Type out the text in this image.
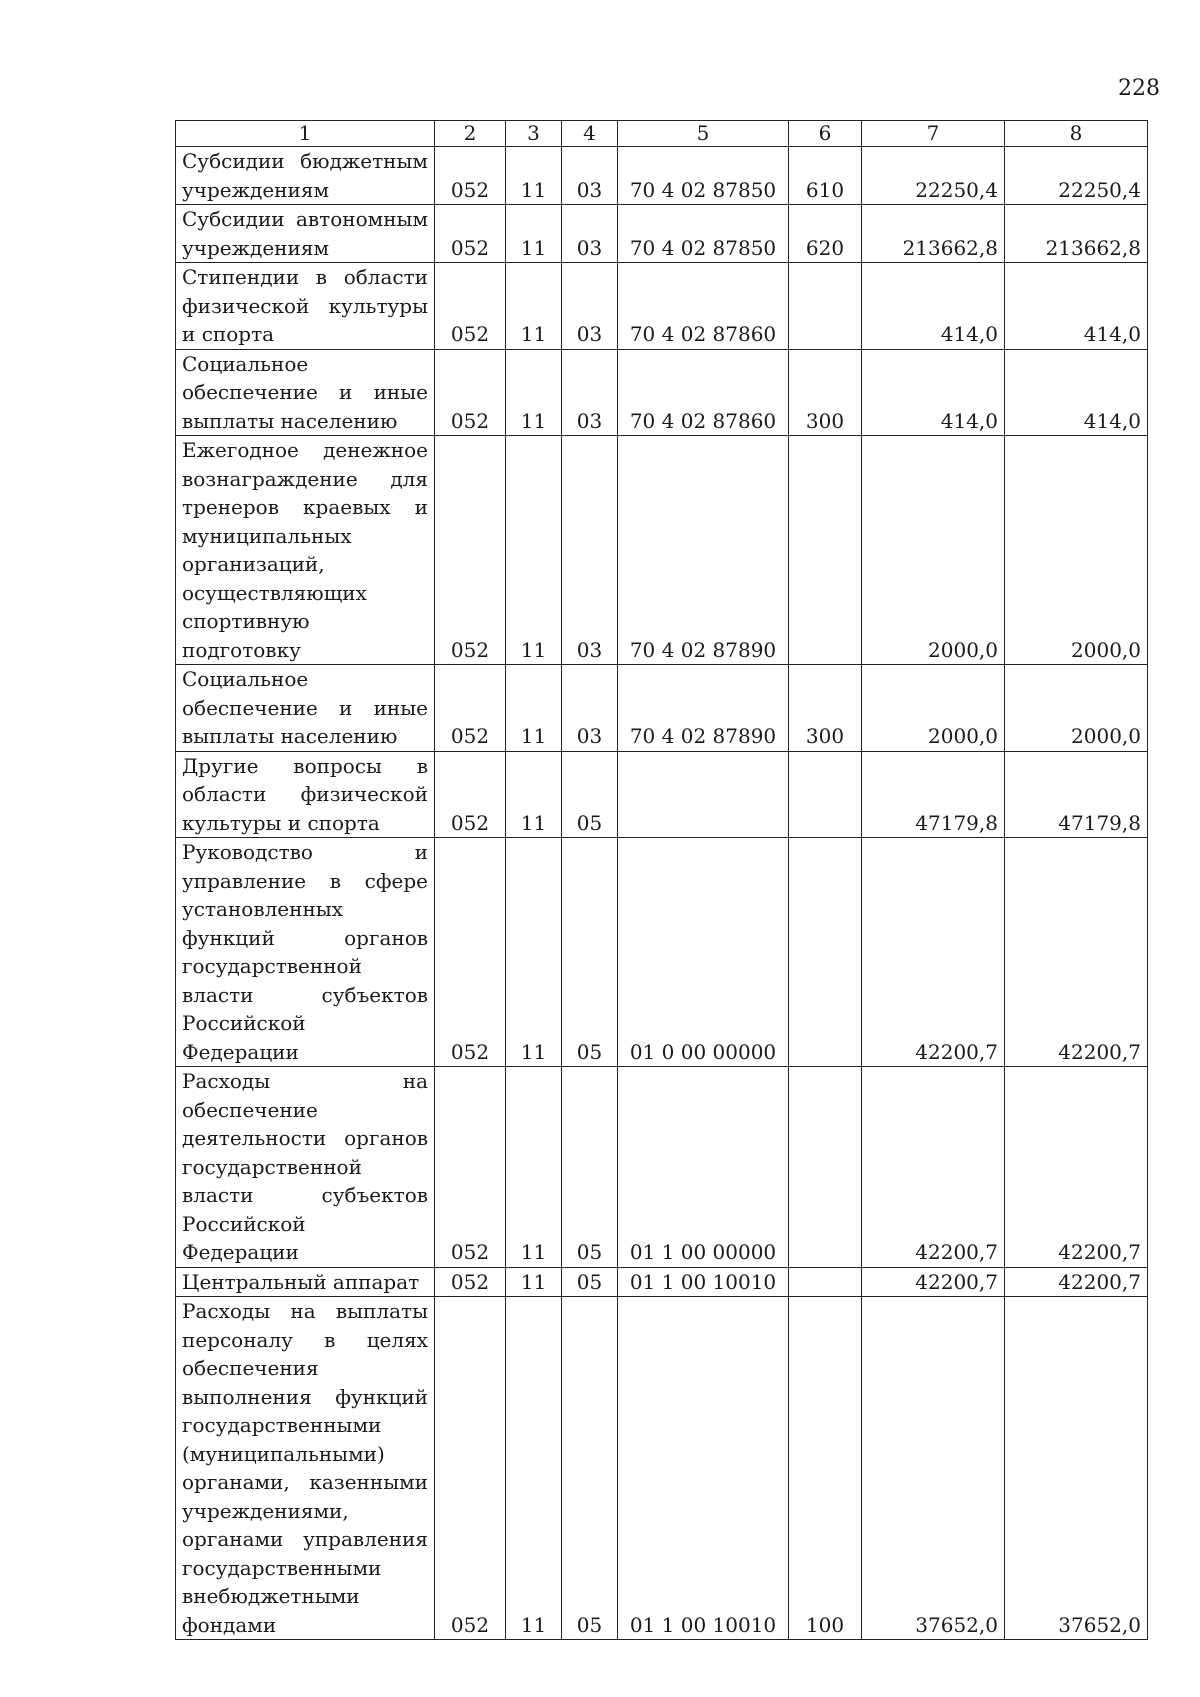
228
1	2	3	4	5	6	7	8
Субсидии бюджетным учреждениям	052	11	03	70 4 02 87850	610	22250,4	22250,4
Субсидии автономным учреждениям	052	11	03	70 4 02 87850	620	213662,8	213662,8
Стипендии в области физической культуры и спорта	052	11	03	70 4 02 87860		414,0	414,0
Социальное обеспечение и иные выплаты населению	052	11	03	70 4 02 87860	300	414,0	414,0
Ежегодное денежное вознаграждение для тренеров краевых и муниципальных организаций, осуществляющих спортивную подготовку	052	11	03	70 4 02 87890		2000,0	2000,0
Социальное обеспечение и иные выплаты населению	052	11	03	70 4 02 87890	300	2000,0	2000,0
Другие вопросы в области физической культуры и спорта	052	11	05			47179,8	47179,8
Руководство и управление в сфере установленных функций органов государственной власти субъектов Российской Федерации	052	11	05	01 0 00 00000		42200,7	42200,7
Расходы на обеспечение деятельности органов государственной власти субъектов Российской Федерации	052	11	05	01 1 00 00000		42200,7	42200,7
Центральный аппарат	052	11	05	01 1 00 10010		42200,7	42200,7
Расходы на выплаты персоналу в целях обеспечения выполнения функций государственными (муниципальными) органами, казенными учреждениями, органами управления государственными внебюджетными фондами	052	11	05	01 1 00 10010	100	37652,0	37652,0
